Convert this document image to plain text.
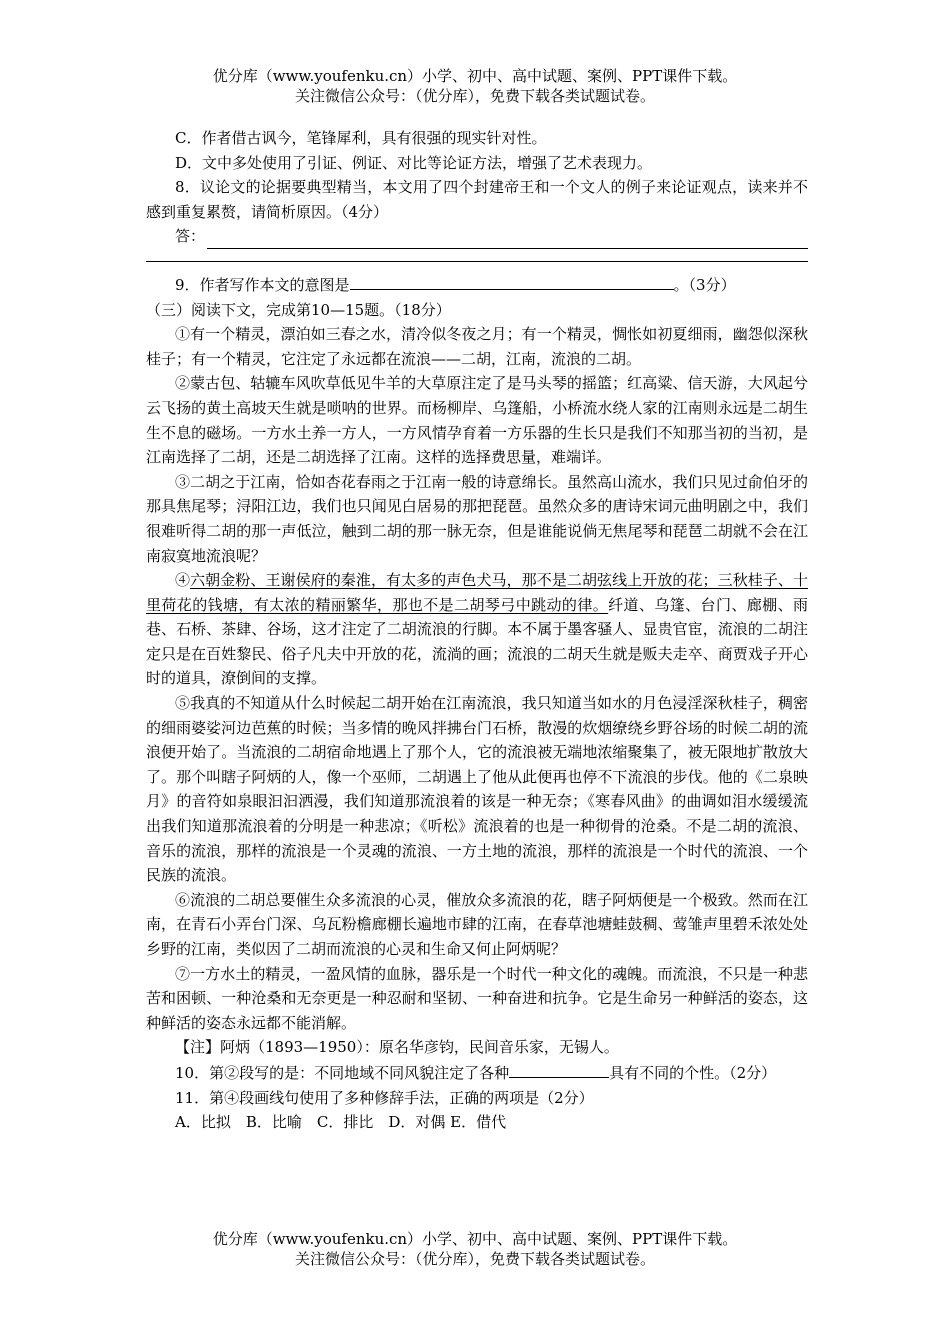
优分库（www.youfenku.cn）小学、初中、高中试题、案例、PPT课件下载。
关注微信公众号：（优分库），免费下载各类试题试卷。

C．作者借古讽今，笔锋犀利，具有很强的现实针对性。

D．文中多处使用了引证、例证、对比等论证方法，增强了艺术表现力。

8．议论文的论据要典型精当，本文用了四个封建帝王和一个文人的例子来论证观点，读来并不感到重复累赘，请简析原因。（4分）

答：

9．作者写作本文的意图是	。（3分）

（三）阅读下文，完成第10—15题。（18分）

①有一个精灵，漂泊如三春之水，清冷似冬夜之月；有一个精灵，惆怅如初夏细雨，幽怨似深秋桂子；有一个精灵，它注定了永远都在流浪——二胡，江南，流浪的二胡。

②蒙古包、轱辘车风吹草低见牛羊的大草原注定了是马头琴的摇篮；红高粱、信天游，大风起兮云飞扬的黄土高坡天生就是唢呐的世界。而杨柳岸、乌篷船，小桥流水绕人家的江南则永远是二胡生生不息的磁场。一方水土养一方人，一方风情孕育着一方乐器的生长只是我们不知那当初的当初，是江南选择了二胡，还是二胡选择了江南。这样的选择费思量，难端详。

③二胡之于江南，恰如杏花春雨之于江南一般的诗意绵长。虽然高山流水，我们只见过俞伯牙的那具焦尾琴；浔阳江边，我们也只闻见白居易的那把琵琶。虽然众多的唐诗宋词元曲明剧之中，我们很难听得二胡的那一声低泣，触到二胡的那一脉无奈，但是谁能说倘无焦尾琴和琵琶二胡就不会在江南寂寞地流浪呢？

④六朝金粉、王谢侯府的秦淮，有太多的声色犬马，那不是二胡弦线上开放的花；三秋桂子、十里荷花的钱塘，有太浓的精丽繁华，那也不是二胡琴弓中跳动的律。纤道、乌篷、台门、廊棚、雨巷、石桥、茶肆、谷场，这才注定了二胡流浪的行脚。本不属于墨客骚人、显贵官宦，流浪的二胡注定只是在百姓黎民、俗子凡夫中开放的花，流淌的画；流浪的二胡天生就是贩夫走卒、商贾戏子开心时的道具，潦倒间的支撑。

⑤我真的不知道从什么时候起二胡开始在江南流浪，我只知道当如水的月色浸淫深秋桂子，稠密的细雨婆娑河边芭蕉的时候；当多情的晚风拌拂台门石桥，散漫的炊烟缭绕乡野谷场的时候二胡的流浪便开始了。当流浪的二胡宿命地遇上了那个人，它的流浪被无端地浓缩聚集了，被无限地扩散放大了。那个叫瞎子阿炳的人，像一个巫师，二胡遇上了他从此便再也停不下流浪的步伐。他的《二泉映月》的音符如泉眼汩汩洒漫，我们知道那流浪着的该是一种无奈；《寒春风曲》的曲调如泪水缓缓流出我们知道那流浪着的分明是一种悲凉；《听松》流浪着的也是一种彻骨的沧桑。不是二胡的流浪、音乐的流浪，那样的流浪是一个灵魂的流浪、一方土地的流浪，那样的流浪是一个时代的流浪、一个民族的流浪。

⑥流浪的二胡总要催生众多流浪的心灵，催放众多流浪的花，瞎子阿炳便是一个极致。然而在江南，在青石小弄台门深、乌瓦粉檐廊棚长遍地市肆的江南，在春草池塘蛙鼓稠、莺雏声里碧禾浓处处乡野的江南，类似因了二胡而流浪的心灵和生命又何止阿炳呢？

⑦一方水土的精灵，一盈风情的血脉，器乐是一个时代一种文化的魂魄。而流浪，不只是一种悲苦和困顿、一种沧桑和无奈更是一种忍耐和坚韧、一种奋进和抗争。它是生命另一种鲜活的姿态，这种鲜活的姿态永远都不能消解。

【注】阿炳（1893—1950）：原名华彦钧，民间音乐家，无锡人。

10．第②段写的是：不同地域不同风貌注定了各种	具有不同的个性。（2分）

11．第④段画线句使用了多种修辞手法，正确的两项是（2分）

A．比拟　B．比喻　C．排比　D．对偶 E．借代

优分库（www.youfenku.cn）小学、初中、高中试题、案例、PPT课件下载。
关注微信公众号：（优分库），免费下载各类试题试卷。
